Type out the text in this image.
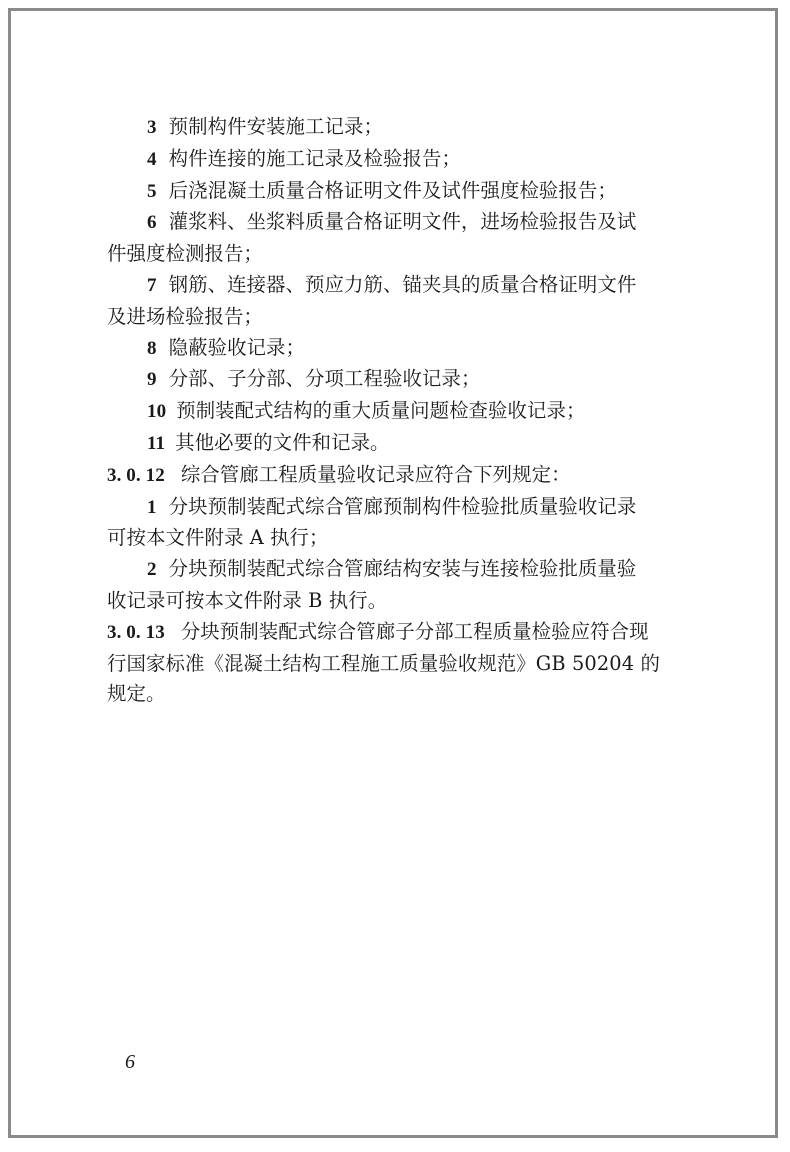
3 预制构件安装施工记录；

4 构件连接的施工记录及检验报告；

5 后浇混凝土质量合格证明文件及试件强度检验报告；

6 灌浆料、坐浆料质量合格证明文件，进场检验报告及试

件强度检测报告；

7 钢筋、连接器、预应力筋、锚夹具的质量合格证明文件

及进场检验报告；

8 隐蔽验收记录；

9 分部、子分部、分项工程验收记录；

10 预制装配式结构的重大质量问题检查验收记录；

11 其他必要的文件和记录。

3. 0. 12 综合管廊工程质量验收记录应符合下列规定：

1 分块预制装配式综合管廊预制构件检验批质量验收记录

可按本文件附录 A 执行；

2 分块预制装配式综合管廊结构安装与连接检验批质量验

收记录可按本文件附录 B 执行。

3. 0. 13 分块预制装配式综合管廊子分部工程质量检验应符合现

行国家标准《混凝土结构工程施工质量验收规范》GB 50204 的

规定。

6
